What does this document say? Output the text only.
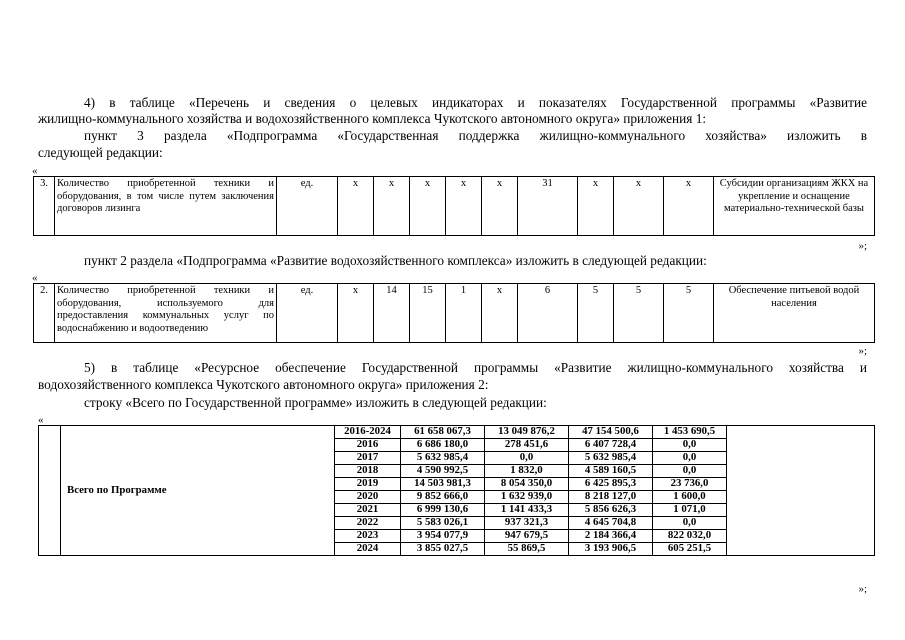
4) в таблице «Перечень и сведения о целевых индикаторах и показателях Государственной программы «Развитие
жилищно-коммунального хозяйства и водохозяйственного комплекса Чукотского автономного округа» приложения 1:
пункт 3 раздела «Подпрограмма «Государственная поддержка жилищно-коммунального хозяйства» изложить в
следующей редакции:
«
3.	Количество приобретенной техники и оборудования, в том числе путем заключения договоров лизинга	ед.	x	x	x	x	x	31	x	x	x	Субсидии организациям ЖКХ на укрепление и оснащение материально-технической базы
»;
пункт 2 раздела «Подпрограмма «Развитие водохозяйственного комплекса» изложить в следующей редакции:
«
2.	Количество приобретенной техники и оборудования, используемого для предоставления коммунальных услуг по водоснабжению и водоотведению	ед.	x	14	15	1	x	6	5	5	5	Обеспечение питьевой водой населения
»;
5) в таблице «Ресурсное обеспечение Государственной программы «Развитие жилищно-коммунального хозяйства и
водохозяйственного комплекса Чукотского автономного округа» приложения 2:
строку «Всего по Государственной программе» изложить в следующей редакции:
«
	Всего по Программе	2016-2024	61 658 067,3	13 049 876,2	47 154 500,6	1 453 690,5	
		2016	6 686 180,0	278 451,6	6 407 728,4	0,0	
		2017	5 632 985,4	0,0	5 632 985,4	0,0	
		2018	4 590 992,5	1 832,0	4 589 160,5	0,0	
		2019	14 503 981,3	8 054 350,0	6 425 895,3	23 736,0	
		2020	9 852 666,0	1 632 939,0	8 218 127,0	1 600,0	
		2021	6 999 130,6	1 141 433,3	5 856 626,3	1 071,0	
		2022	5 583 026,1	937 321,3	4 645 704,8	0,0	
		2023	3 954 077,9	947 679,5	2 184 366,4	822 032,0	
		2024	3 855 027,5	55 869,5	3 193 906,5	605 251,5	
»;
